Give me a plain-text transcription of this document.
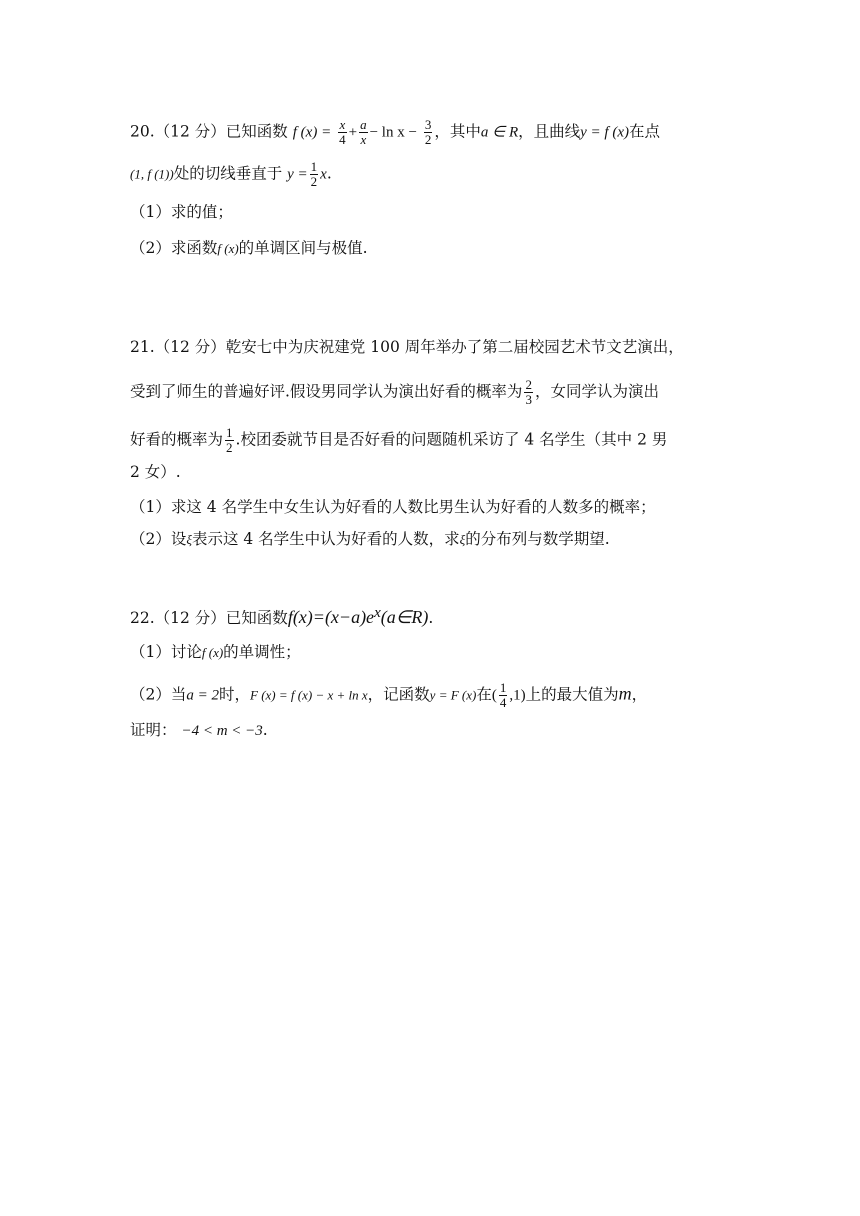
20.（12 分）已知函数 f $(x) = \frac{x}{4} + \frac{a}{x} - \ln x - \frac{3}{2}$ ，其中a ∈ R，且曲线y = f (x)在点
(1, f (1))处的切线垂直于 $y = \frac{1}{2} x$.
（1）求的值；
（2）求函数f (x)的单调区间与极值.
21.（12 分）乾安七中为庆祝建党 100 周年举办了第二届校园艺术节文艺演出，
受到了师生的普遍好评.假设男同学认为演出好看的概率为 $\frac{2}{3}$ ，女同学认为演出
好看的概率为 $\frac{1}{2}$ .校团委就节目是否好看的问题随机采访了 4 名学生（其中 2 男
2 女）.
（1）求这 4 名学生中女生认为好看的人数比男生认为好看的人数多的概率；
（2）设ξ表示这 4 名学生中认为好看的人数，求ξ的分布列与数学期望.
22.（12 分）已知函数$f(x)=(x-a)e^x(a\in R)$.
（1）讨论f (x)的单调性；
（2）当a = 2时，F (x) = f (x) − x + ln x，记函数y = F (x)在( $\frac{1}{4} ,1$)上的最大值为m，
证明： −4 < m < −3.
